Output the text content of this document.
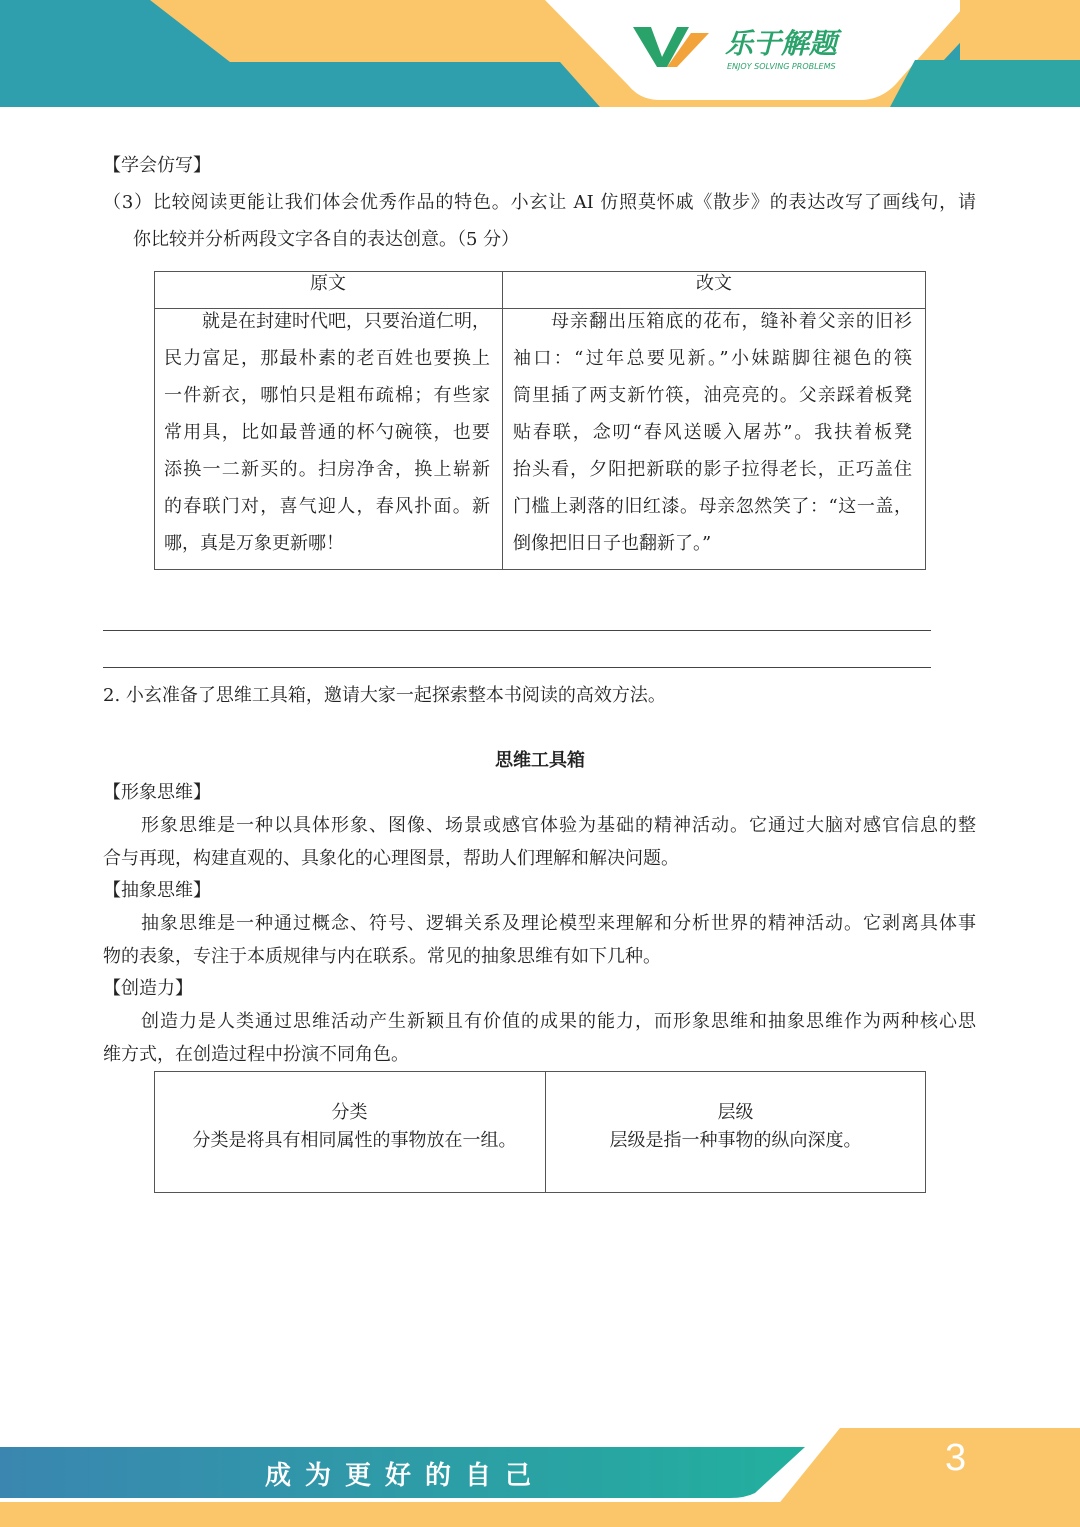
乐于解题
ENJOY SOLVING PROBLEMS
【学会仿写】
（3）比较阅读更能让我们体会优秀作品的特色。小玄让 AI 仿照莫怀戚《散步》的表达改写了画线句，请
你比较并分析两段文字各自的表达创意。（5 分）
原文	改文
2. 小玄准备了思维工具箱，邀请大家一起探索整本书阅读的高效方法。
思维工具箱
分类
分类是将具有相同属性的事物放在一组。
层级
层级是指一种事物的纵向深度。
成为更好的自己	3
就是在封建时代吧，只要治道仁明，
民力富足，那最朴素的老百姓也要换上
一件新衣，哪怕只是粗布疏棉；有些家
常用具，比如最普通的杯勺碗筷，也要
添换一二新买的。扫房净舍，换上崭新
的春联门对，喜气迎人，春风扑面。新
哪，真是万象更新哪！
母亲翻出压箱底的花布，缝补着父亲的旧衫
袖口：“过年总要见新。”小妹踮脚往褪色的筷
筒里插了两支新竹筷，油亮亮的。父亲踩着板凳
贴春联，念叨“春风送暖入屠苏”。我扶着板凳
抬头看，夕阳把新联的影子拉得老长，正巧盖住
门槛上剥落的旧红漆。母亲忽然笑了：“这一盖，
倒像把旧日子也翻新了。”
【形象思维】
形象思维是一种以具体形象、图像、场景或感官体验为基础的精神活动。它通过大脑对感官信息的整
合与再现，构建直观的、具象化的心理图景，帮助人们理解和解决问题。
【抽象思维】
抽象思维是一种通过概念、符号、逻辑关系及理论模型来理解和分析世界的精神活动。它剥离具体事
物的表象，专注于本质规律与内在联系。常见的抽象思维有如下几种。
【创造力】
创造力是人类通过思维活动产生新颖且有价值的成果的能力，而形象思维和抽象思维作为两种核心思
维方式，在创造过程中扮演不同角色。
